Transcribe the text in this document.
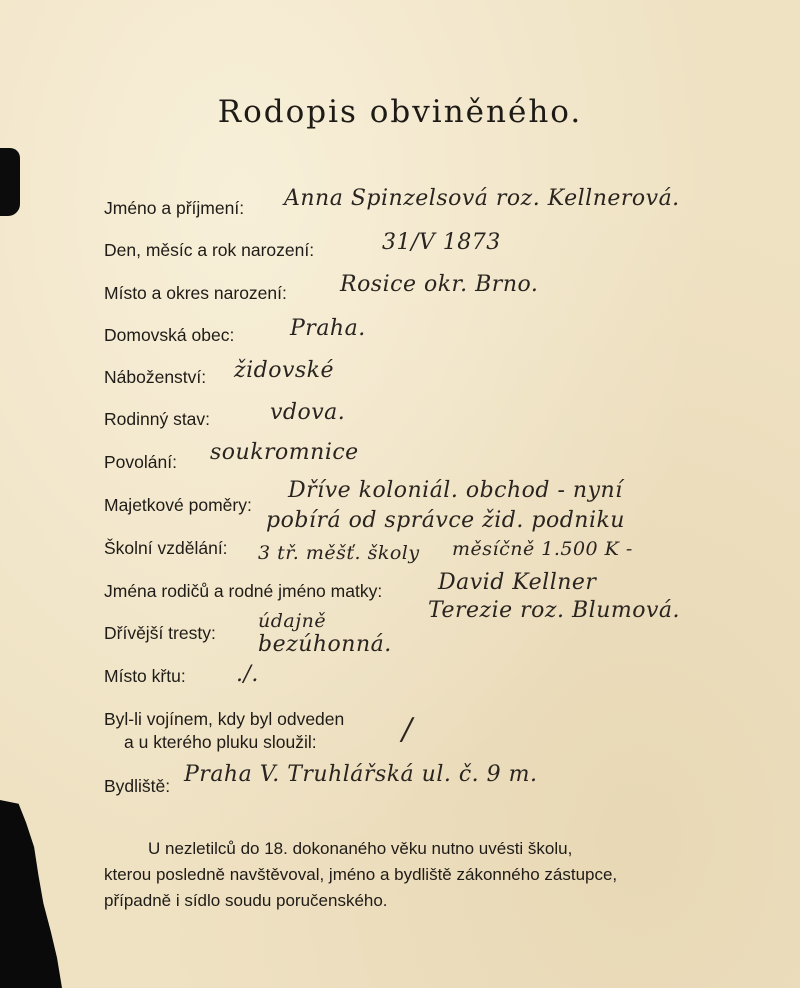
Rodopis obviněného.
Jméno a příjmení: Anna Spinzelsová roz. Kellnerová.
Den, měsíc a rok narození:	31/V 1873
Místo a okres narození: Rosice okr. Brno.
Domovská obec:	Praha.
Náboženství: židovské
Rodinný stav:	vdova.
Povolání: soukromnice
Majetkové poměry:
Dříve koloniál. obchod - nyní
pobírá od správce žid. podniku
měsíčně 1.500 K -
Školní vzdělání: 3 tř. měšť. školy
Jména rodičů a rodné jméno matky:	David Kellner
Terezie roz. Blumová.
Dřívější tresty:
údajně
bezúhonná.
Místo křtu: ./.
Byl-li vojínem, kdy byl odveden
a u kterého pluku sloužil:	/
Bydliště: Praha V. Truhlářská ul. č. 9 m.
U nezletilců do 18. dokonaného věku nutno uvésti školu,
kterou posledně navštěvoval, jméno a bydliště zákonného zástupce,
případně i sídlo soudu poručenského.
